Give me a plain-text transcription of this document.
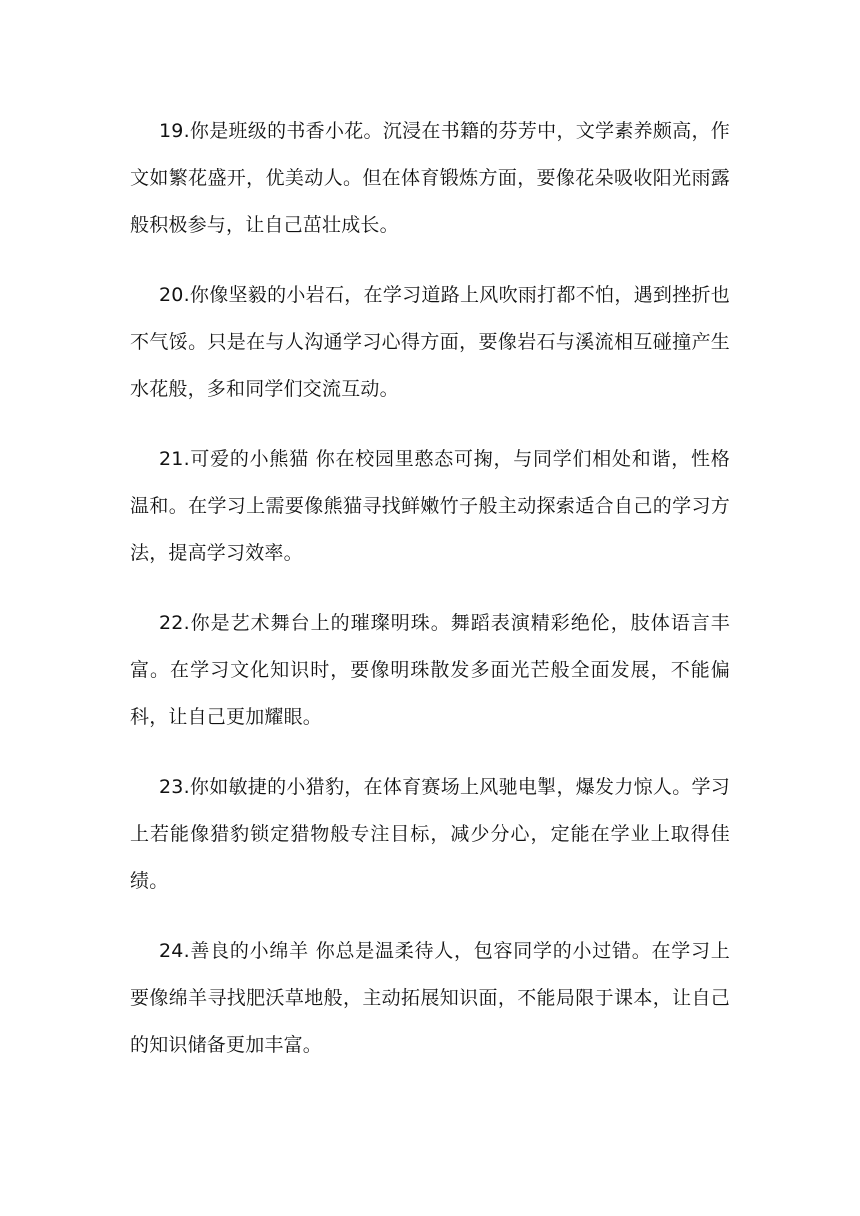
19.你是班级的书香小花。沉浸在书籍的芬芳中，文学素养颇高，作文如繁花盛开，优美动人。但在体育锻炼方面，要像花朵吸收阳光雨露般积极参与，让自己茁壮成长。

20.你像坚毅的小岩石，在学习道路上风吹雨打都不怕，遇到挫折也不气馁。只是在与人沟通学习心得方面，要像岩石与溪流相互碰撞产生水花般，多和同学们交流互动。

21.可爱的小熊猫 你在校园里憨态可掬，与同学们相处和谐，性格温和。在学习上需要像熊猫寻找鲜嫩竹子般主动探索适合自己的学习方法，提高学习效率。

22.你是艺术舞台上的璀璨明珠。舞蹈表演精彩绝伦，肢体语言丰富。在学习文化知识时，要像明珠散发多面光芒般全面发展，不能偏科，让自己更加耀眼。

23.你如敏捷的小猎豹，在体育赛场上风驰电掣，爆发力惊人。学习上若能像猎豹锁定猎物般专注目标，减少分心，定能在学业上取得佳绩。

24.善良的小绵羊 你总是温柔待人，包容同学的小过错。在学习上要像绵羊寻找肥沃草地般，主动拓展知识面，不能局限于课本，让自己的知识储备更加丰富。
